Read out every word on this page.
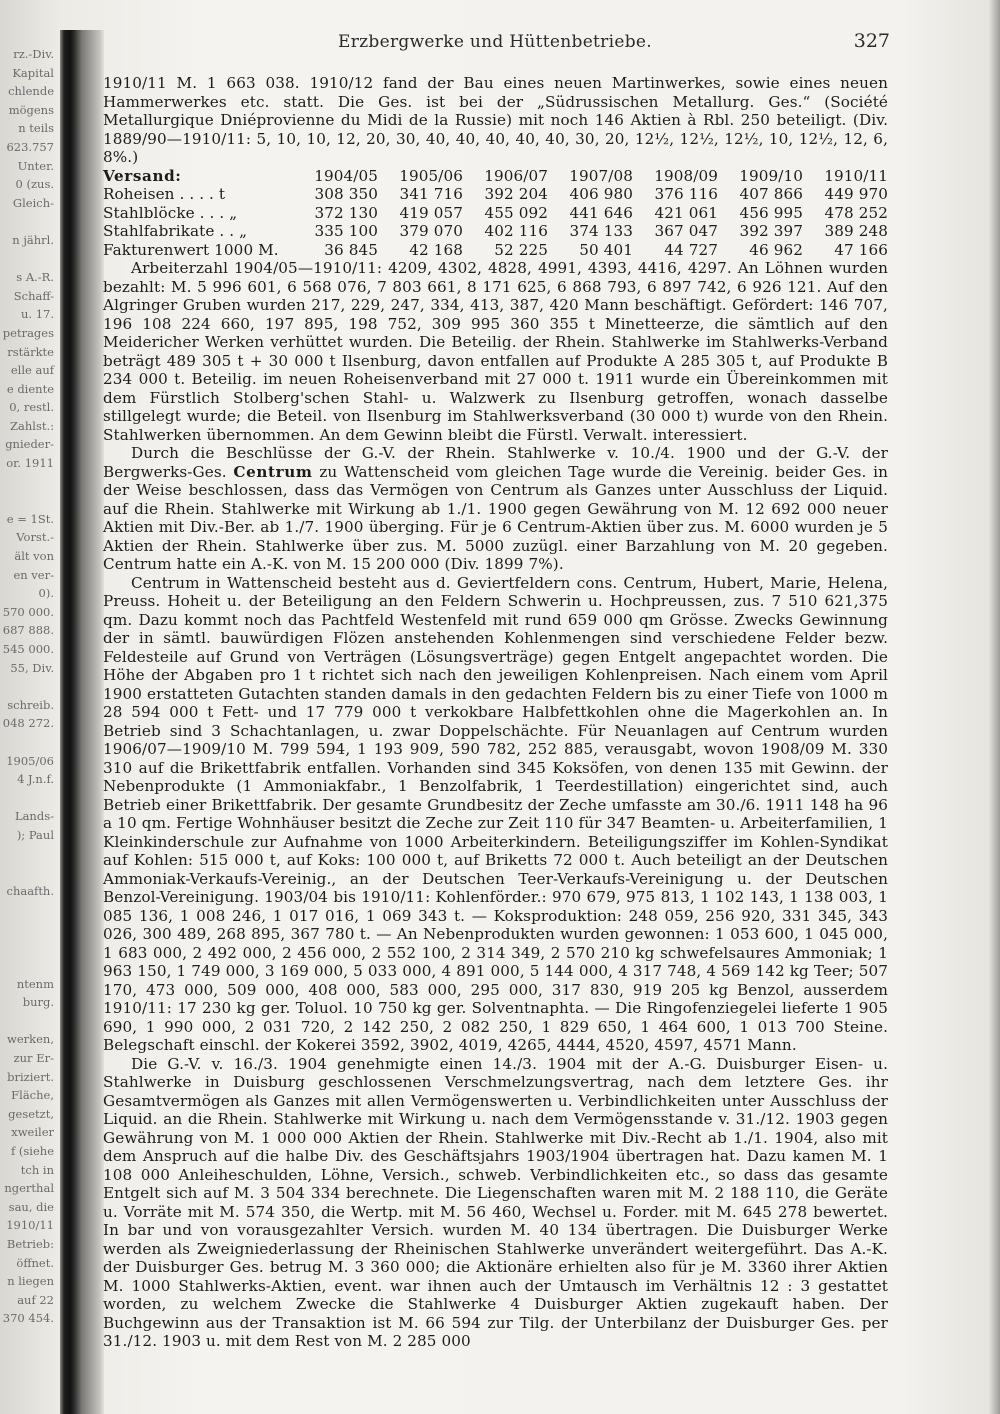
rz.-Div.
Kapital
chlende
mögens
n teils
623.757
Unter.
0 (zus.
Gleich-
n jährl.
s A.-R.
Schaff-
u. 17.
petrages
rstärkte
elle auf
e diente
0, restl.
Zahlst.:
gnieder-
or. 1911
e = 1St.
Vorst.-
ält von
en ver-
0).
570 000.
687 888.
545 000.
55, Div.
schreib.
048 272.
1905/06
4 J.n.f.
Lands-
); Paul
chaafth.
ntenm
burg.
werken,
zur Er-
briziert.
Fläche,
gesetzt,
xweiler
f (siehe
tch in
ngerthal
sau, die
1910/11
Betrieb:
öffnet.
n liegen
auf 22
370 454.
Erzbergwerke und Hüttenbetriebe.	327

1910/11 M. 1 663 038. 1910/12 fand der Bau eines neuen Martinwerkes, sowie eines neuen Hammerwerkes etc. statt. Die Ges. ist bei der „Südrussischen Metallurg. Ges.“ (Société Metallurgique Dniéprovienne du Midi de la Russie) mit noch 146 Aktien à Rbl. 250 beteiligt. (Div. 1889/90—1910/11: 5, 10, 10, 12, 20, 30, 40, 40, 40, 40, 40, 30, 20, 12½, 12½, 12½, 10, 12½, 12, 6, 8%.)

Versand:	1904/05	1905/06	1906/07	1907/08	1908/09	1909/10	1910/11
Roheisen . . . . t	308 350	341 716	392 204	406 980	376 116	407 866	449 970
Stahlblöcke . . . „	372 130	419 057	455 092	441 646	421 061	456 995	478 252
Stahlfabrikate . . „	335 100	379 070	402 116	374 133	367 047	392 397	389 248
Fakturenwert 1000 M.	36 845	42 168	52 225	50 401	44 727	46 962	47 166

Arbeiterzahl 1904/05—1910/11: 4209, 4302, 4828, 4991, 4393, 4416, 4297. An Löhnen wurden bezahlt: M. 5 996 601, 6 568 076, 7 803 661, 8 171 625, 6 868 793, 6 897 742, 6 926 121. Auf den Algringer Gruben wurden 217, 229, 247, 334, 413, 387, 420 Mann beschäftigt. Gefördert: 146 707, 196 108 224 660, 197 895, 198 752, 309 995 360 355 t Minetteerze, die sämtlich auf den Meidericher Werken verhüttet wurden. Die Beteilig. der Rhein. Stahlwerke im Stahlwerks-Verband beträgt 489 305 t + 30 000 t Ilsenburg, davon entfallen auf Produkte A 285 305 t, auf Produkte B 234 000 t. Beteilig. im neuen Roheisenverband mit 27 000 t. 1911 wurde ein Übereinkommen mit dem Fürstlich Stolberg'schen Stahl- u. Walzwerk zu Ilsenburg getroffen, wonach dasselbe stillgelegt wurde; die Beteil. von Ilsenburg im Stahlwerksverband (30 000 t) wurde von den Rhein. Stahlwerken übernommen. An dem Gewinn bleibt die Fürstl. Verwalt. interessiert.

Durch die Beschlüsse der G.-V. der Rhein. Stahlwerke v. 10./4. 1900 und der G.-V. der Bergwerks-Ges. Centrum zu Wattenscheid vom gleichen Tage wurde die Vereinig. beider Ges. in der Weise beschlossen, dass das Vermögen von Centrum als Ganzes unter Ausschluss der Liquid. auf die Rhein. Stahlwerke mit Wirkung ab 1./1. 1900 gegen Gewährung von M. 12 692 000 neuer Aktien mit Div.-Ber. ab 1./7. 1900 überging. Für je 6 Centrum-Aktien über zus. M. 6000 wurden je 5 Aktien der Rhein. Stahlwerke über zus. M. 5000 zuzügl. einer Barzahlung von M. 20 gegeben. Centrum hatte ein A.-K. von M. 15 200 000 (Div. 1899 7%).

Centrum in Wattenscheid besteht aus d. Geviertfeldern cons. Centrum, Hubert, Marie, Helena, Preuss. Hoheit u. der Beteiligung an den Feldern Schwerin u. Hochpreussen, zus. 7 510 621,375 qm. Dazu kommt noch das Pachtfeld Westenfeld mit rund 659 000 qm Grösse. Zwecks Gewinnung der in sämtl. bauwürdigen Flözen anstehenden Kohlenmengen sind verschiedene Felder bezw. Feldesteile auf Grund von Verträgen (Lösungsverträge) gegen Entgelt angepachtet worden. Die Höhe der Abgaben pro 1 t richtet sich nach den jeweiligen Kohlenpreisen. Nach einem vom April 1900 erstatteten Gutachten standen damals in den gedachten Feldern bis zu einer Tiefe von 1000 m 28 594 000 t Fett- und 17 779 000 t verkokbare Halbfettkohlen ohne die Magerkohlen an. In Betrieb sind 3 Schachtanlagen, u. zwar Doppelschächte. Für Neuanlagen auf Centrum wurden 1906/07—1909/10 M. 799 594, 1 193 909, 590 782, 252 885, verausgabt, wovon 1908/09 M. 330 310 auf die Brikettfabrik entfallen. Vorhanden sind 345 Koksöfen, von denen 135 mit Gewinn. der Nebenprodukte (1 Ammoniakfabr., 1 Benzolfabrik, 1 Teerdestillation) eingerichtet sind, auch Betrieb einer Brikettfabrik. Der gesamte Grundbesitz der Zeche umfasste am 30./6. 1911 148 ha 96 a 10 qm. Fertige Wohnhäuser besitzt die Zeche zur Zeit 110 für 347 Beamten- u. Arbeiterfamilien, 1 Kleinkinderschule zur Aufnahme von 1000 Arbeiterkindern. Beteiligungsziffer im Kohlen-Syndikat auf Kohlen: 515 000 t, auf Koks: 100 000 t, auf Briketts 72 000 t. Auch beteiligt an der Deutschen Ammoniak-Verkaufs-Vereinig., an der Deutschen Teer-Verkaufs-Vereinigung u. der Deutschen Benzol-Vereinigung. 1903/04 bis 1910/11: Kohlenförder.: 970 679, 975 813, 1 102 143, 1 138 003, 1 085 136, 1 008 246, 1 017 016, 1 069 343 t. — Koksproduktion: 248 059, 256 920, 331 345, 343 026, 300 489, 268 895, 367 780 t. — An Nebenprodukten wurden gewonnen: 1 053 600, 1 045 000, 1 683 000, 2 492 000, 2 456 000, 2 552 100, 2 314 349, 2 570 210 kg schwefelsaures Ammoniak; 1 963 150, 1 749 000, 3 169 000, 5 033 000, 4 891 000, 5 144 000, 4 317 748, 4 569 142 kg Teer; 507 170, 473 000, 509 000, 408 000, 583 000, 295 000, 317 830, 919 205 kg Benzol, ausserdem 1910/11: 17 230 kg ger. Toluol. 10 750 kg ger. Solventnaphta. — Die Ringofenziegelei lieferte 1 905 690, 1 990 000, 2 031 720, 2 142 250, 2 082 250, 1 829 650, 1 464 600, 1 013 700 Steine. Belegschaft einschl. der Kokerei 3592, 3902, 4019, 4265, 4444, 4520, 4597, 4571 Mann.

Die G.-V. v. 16./3. 1904 genehmigte einen 14./3. 1904 mit der A.-G. Duisburger Eisen- u. Stahlwerke in Duisburg geschlossenen Verschmelzungsvertrag, nach dem letztere Ges. ihr Gesamtvermögen als Ganzes mit allen Vermögenswerten u. Verbindlichkeiten unter Ausschluss der Liquid. an die Rhein. Stahlwerke mit Wirkung u. nach dem Vermögensstande v. 31./12. 1903 gegen Gewährung von M. 1 000 000 Aktien der Rhein. Stahlwerke mit Div.-Recht ab 1./1. 1904, also mit dem Anspruch auf die halbe Div. des Geschäftsjahrs 1903/1904 übertragen hat. Dazu kamen M. 1 108 000 Anleiheschulden, Löhne, Versich., schweb. Verbindlichkeiten etc., so dass das gesamte Entgelt sich auf M. 3 504 334 berechnete. Die Liegenschaften waren mit M. 2 188 110, die Geräte u. Vorräte mit M. 574 350, die Wertp. mit M. 56 460, Wechsel u. Forder. mit M. 645 278 bewertet. In bar und von vorausgezahlter Versich. wurden M. 40 134 übertragen. Die Duisburger Werke werden als Zweigniederlassung der Rheinischen Stahlwerke unverändert weitergeführt. Das A.-K. der Duisburger Ges. betrug M. 3 360 000; die Aktionäre erhielten also für je M. 3360 ihrer Aktien M. 1000 Stahlwerks-Aktien, event. war ihnen auch der Umtausch im Verhältnis 12 : 3 gestattet worden, zu welchem Zwecke die Stahlwerke 4 Duisburger Aktien zugekauft haben. Der Buchgewinn aus der Transaktion ist M. 66 594 zur Tilg. der Unterbilanz der Duisburger Ges. per 31./12. 1903 u. mit dem Rest von M. 2 285 000
